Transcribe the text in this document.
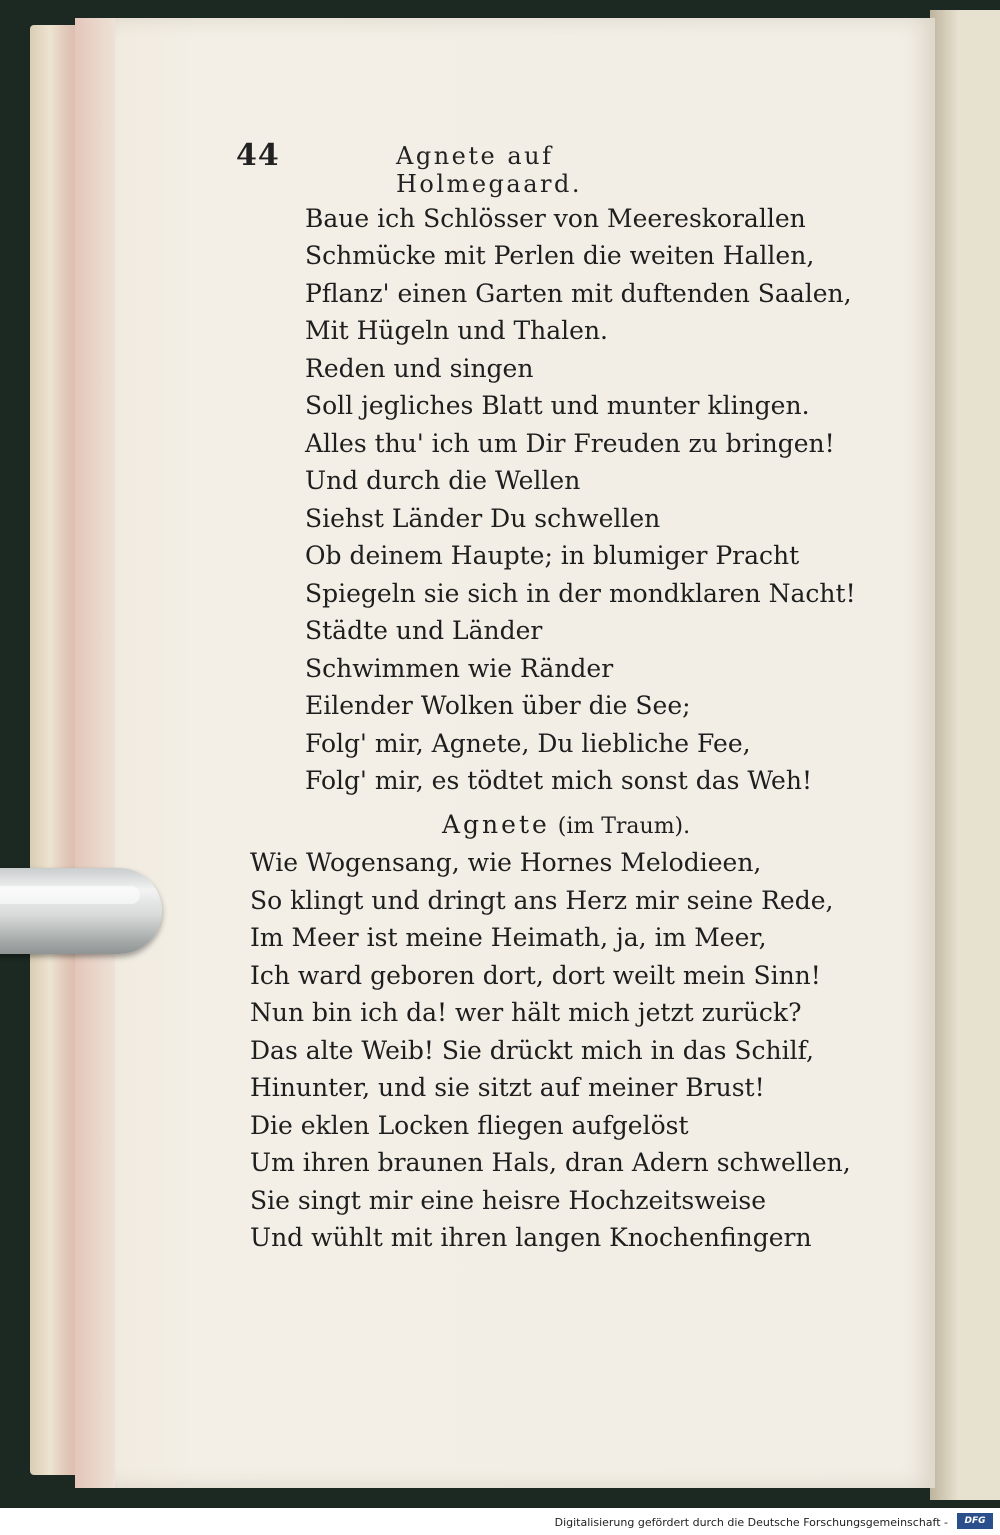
44	Agnete auf Holmegaard.
Baue ich Schlösser von Meereskorallen
Schmücke mit Perlen die weiten Hallen,
Pflanz' einen Garten mit duftenden Saalen,
Mit Hügeln und Thalen.
Reden und singen
Soll jegliches Blatt und munter klingen.
Alles thu' ich um Dir Freuden zu bringen!
Und durch die Wellen
Siehst Länder Du schwellen
Ob deinem Haupte; in blumiger Pracht
Spiegeln sie sich in der mondklaren Nacht!
Städte und Länder
Schwimmen wie Ränder
Eilender Wolken über die See;
Folg' mir, Agnete, Du liebliche Fee,
Folg' mir, es tödtet mich sonst das Weh!
Wie Wogensang, wie Hornes Melodieen,
So klingt und dringt ans Herz mir seine Rede,
Im Meer ist meine Heimath, ja, im Meer,
Ich ward geboren dort, dort weilt mein Sinn!
Nun bin ich da! wer hält mich jetzt zurück?
Das alte Weib! Sie drückt mich in das Schilf,
Hinunter, und sie sitzt auf meiner Brust!
Die eklen Locken fliegen aufgelöst
Um ihren braunen Hals, dran Adern schwellen,
Sie singt mir eine heisre Hochzeitsweise
Und wühlt mit ihren langen Knochenfingern
Agnete (im Traum).
Digitalisierung gefördert durch die Deutsche Forschungsgemeinschaft -	DFG
